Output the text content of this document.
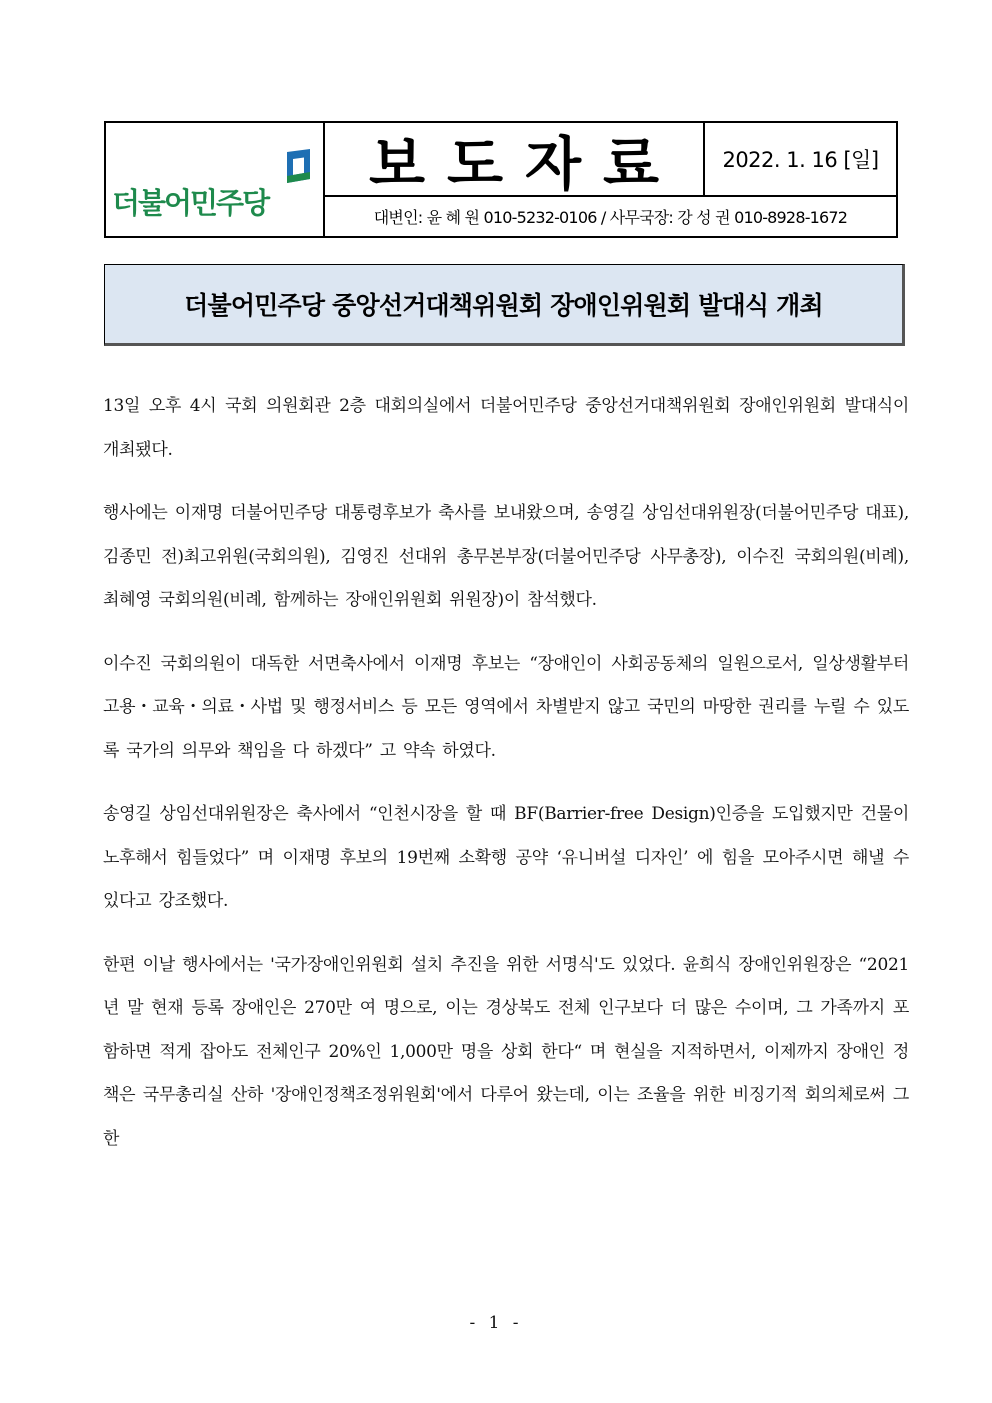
더불어민주당
보도자료 2022. 1. 16 [일]
대변인: 윤 혜 원 010-5232-0106 / 사무국장: 강 성 권 010-8928-1672
더불어민주당 중앙선거대책위원회 장애인위원회 발대식 개최

13일 오후 4시 국회 의원회관 2층 대회의실에서 더불어민주당 중앙선거대책위원회 장애인위원회 발대식이 개최됐다.

행사에는 이재명 더불어민주당 대통령후보가 축사를 보내왔으며, 송영길 상임선대위원장(더불어민주당 대표), 김종민 전)최고위원(국회의원), 김영진 선대위 총무본부장(더불어민주당 사무총장), 이수진 국회의원(비례), 최혜영 국회의원(비례, 함께하는 장애인위원회 위원장)이 참석했다.

이수진 국회의원이 대독한 서면축사에서 이재명 후보는 “장애인이 사회공동체의 일원으로서, 일상생활부터 고용・교육・의료・사법 및 행정서비스 등 모든 영역에서 차별받지 않고 국민의 마땅한 권리를 누릴 수 있도록 국가의 의무와 책임을 다 하겠다” 고 약속 하였다.

송영길 상임선대위원장은 축사에서 “인천시장을 할 때 BF(Barrier-free Design)인증을 도입했지만 건물이 노후해서 힘들었다” 며 이재명 후보의 19번째 소확행 공약 ‘유니버설 디자인’ 에 힘을 모아주시면 해낼 수 있다고 강조했다.

한편 이날 행사에서는 '국가장애인위원회 설치 추진을 위한 서명식'도 있었다. 윤희식 장애인위원장은 “2021년 말 현재 등록 장애인은 270만 여 명으로, 이는 경상북도 전체 인구보다 더 많은 수이며, 그 가족까지 포함하면 적게 잡아도 전체인구 20%인 1,000만 명을 상회 한다“ 며 현실을 지적하면서, 이제까지 장애인 정책은 국무총리실 산하 '장애인정책조정위원회'에서 다루어 왔는데, 이는 조율을 위한 비징기적 회의체로써 그 한

- 1 -
